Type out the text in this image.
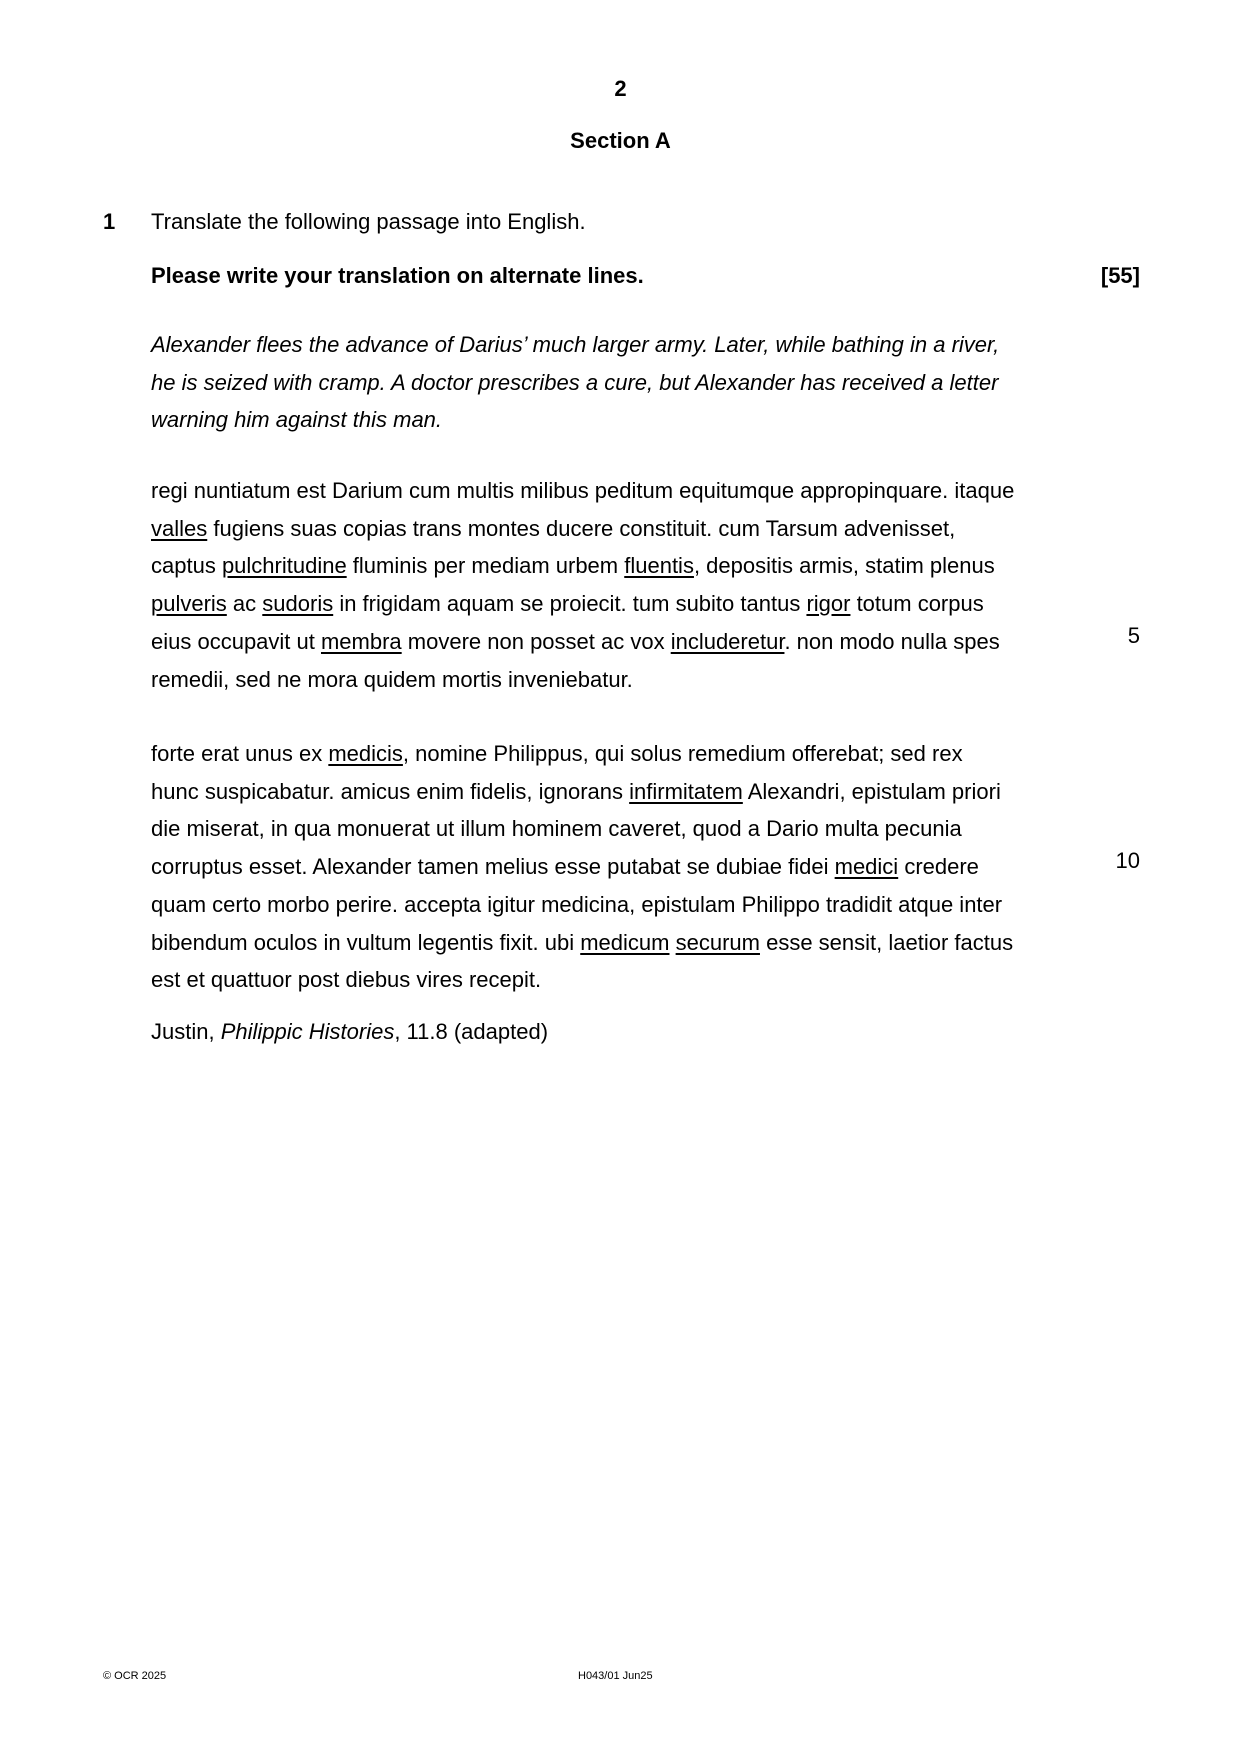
2
Section A
1 Translate the following passage into English.
Please write your translation on alternate lines.	[55]
Alexander flees the advance of Darius’ much larger army. Later, while bathing in a river,
he is seized with cramp. A doctor prescribes a cure, but Alexander has received a letter
warning him against this man.
regi nuntiatum est Darium cum multis milibus peditum equitumque appropinquare. itaque
valles fugiens suas copias trans montes ducere constituit. cum Tarsum advenisset,
captus pulchritudine fluminis per mediam urbem fluentis, depositis armis, statim plenus
pulveris ac sudoris in frigidam aquam se proiecit. tum subito tantus rigor totum corpus
eius occupavit ut membra movere non posset ac vox includeretur. non modo nulla spes
remedii, sed ne mora quidem mortis inveniebatur.
5
forte erat unus ex medicis, nomine Philippus, qui solus remedium offerebat; sed rex
hunc suspicabatur. amicus enim fidelis, ignorans infirmitatem Alexandri, epistulam priori
die miserat, in qua monuerat ut illum hominem caveret, quod a Dario multa pecunia
corruptus esset. Alexander tamen melius esse putabat se dubiae fidei medici credere
quam certo morbo perire. accepta igitur medicina, epistulam Philippo tradidit atque inter
bibendum oculos in vultum legentis fixit. ubi medicum securum esse sensit, laetior factus
est et quattuor post diebus vires recepit.
10
Justin, Philippic Histories, 11.8 (adapted)
© OCR 2025	H043/01 Jun25
